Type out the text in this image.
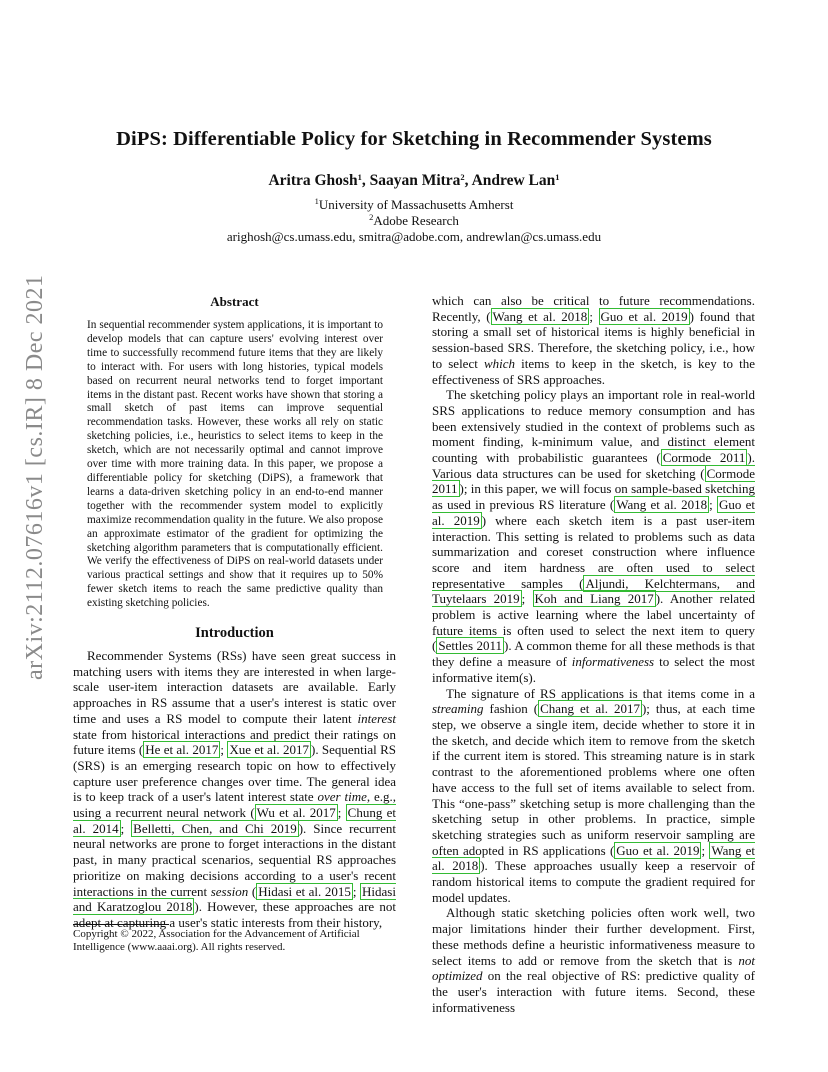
arXiv:2112.07616v1 [cs.IR] 8 Dec 2021
DiPS: Differentiable Policy for Sketching in Recommender Systems
Aritra Ghosh$^1$, Saayan Mitra$^2$, Andrew Lan$^1$
$^1$University of Massachusetts Amherst
$^2$Adobe Research
arighosh@cs.umass.edu, smitra@adobe.com, andrewlan@cs.umass.edu
Abstract
In sequential recommender system applications, it is important to develop models that can capture users' evolving interest over time to successfully recommend future items that they are likely to interact with. For users with long histories, typical models based on recurrent neural networks tend to forget important items in the distant past. Recent works have shown that storing a small sketch of past items can improve sequential recommendation tasks. However, these works all rely on static sketching policies, i.e., heuristics to select items to keep in the sketch, which are not necessarily optimal and cannot improve over time with more training data. In this paper, we propose a differentiable policy for sketching (DiPS), a framework that learns a data-driven sketching policy in an end-to-end manner together with the recommender system model to explicitly maximize recommendation quality in the future. We also propose an approximate estimator of the gradient for optimizing the sketching algorithm parameters that is computationally efficient. We verify the effectiveness of DiPS on real-world datasets under various practical settings and show that it requires up to 50% fewer sketch items to reach the same predictive quality than existing sketching policies.
Introduction

Recommender Systems (RSs) have seen great success in matching users with items they are interested in when large-scale user-item interaction datasets are available. Early approaches in RS assume that a user's interest is static over time and uses a RS model to compute their latent interest state from historical interactions and predict their ratings on future items ( He et al. 2017 ; Xue et al. 2017 ). Sequential RS (SRS) is an emerging research topic on how to effectively capture user preference changes over time. The general idea is to keep track of a user's latent interest state over time, e.g., using a recurrent neural network ( Wu et al. 2017 ; Chung et al. 2014 ; Belletti, Chen, and Chi 2019 ). Since recurrent neural networks are prone to forget interactions in the distant past, in many practical scenarios, sequential RS approaches prioritize on making decisions according to a user's recent interactions in the current session ( Hidasi et al. 2015 ; Hidasi and Karatzoglou 2018 ). However, these approaches are not adept at capturing a user's static interests from their history,

which can also be critical to future recommendations. Recently, ( Wang et al. 2018 ; Guo et al. 2019 ) found that storing a small set of historical items is highly beneficial in session-based SRS. Therefore, the sketching policy, i.e., how to select which items to keep in the sketch, is key to the effectiveness of SRS approaches.

The sketching policy plays an important role in real-world SRS applications to reduce memory consumption and has been extensively studied in the context of problems such as moment finding, k-minimum value, and distinct element counting with probabilistic guarantees ( Cormode 2011 ). Various data structures can be used for sketching ( Cormode 2011 ); in this paper, we will focus on sample-based sketching as used in previous RS literature ( Wang et al. 2018 ; Guo et al. 2019 ) where each sketch item is a past user-item interaction. This setting is related to problems such as data summarization and coreset construction where influence score and item hardness are often used to select representative samples ( Aljundi, Kelchtermans, and Tuytelaars 2019 ; Koh and Liang 2017 ). Another related problem is active learning where the label uncertainty of future items is often used to select the next item to query ( Settles 2011 ). A common theme for all these methods is that they define a measure of informativeness to select the most informative item(s).

The signature of RS applications is that items come in a streaming fashion ( Chang et al. 2017 ); thus, at each time step, we observe a single item, decide whether to store it in the sketch, and decide which item to remove from the sketch if the current item is stored. This streaming nature is in stark contrast to the aforementioned problems where one often have access to the full set of items available to select from. This “one-pass” sketching setup is more challenging than the sketching setup in other problems. In practice, simple sketching strategies such as uniform reservoir sampling are often adopted in RS applications ( Guo et al. 2019 ; Wang et al. 2018 ). These approaches usually keep a reservoir of random historical items to compute the gradient required for model updates.

Although static sketching policies often work well, two major limitations hinder their further development. First, these methods define a heuristic informativeness measure to select items to add or remove from the sketch that is not optimized on the real objective of RS: predictive quality of the user's interaction with future items. Second, these informativeness

Copyright © 2022, Association for the Advancement of Artificial Intelligence (www.aaai.org). All rights reserved.
